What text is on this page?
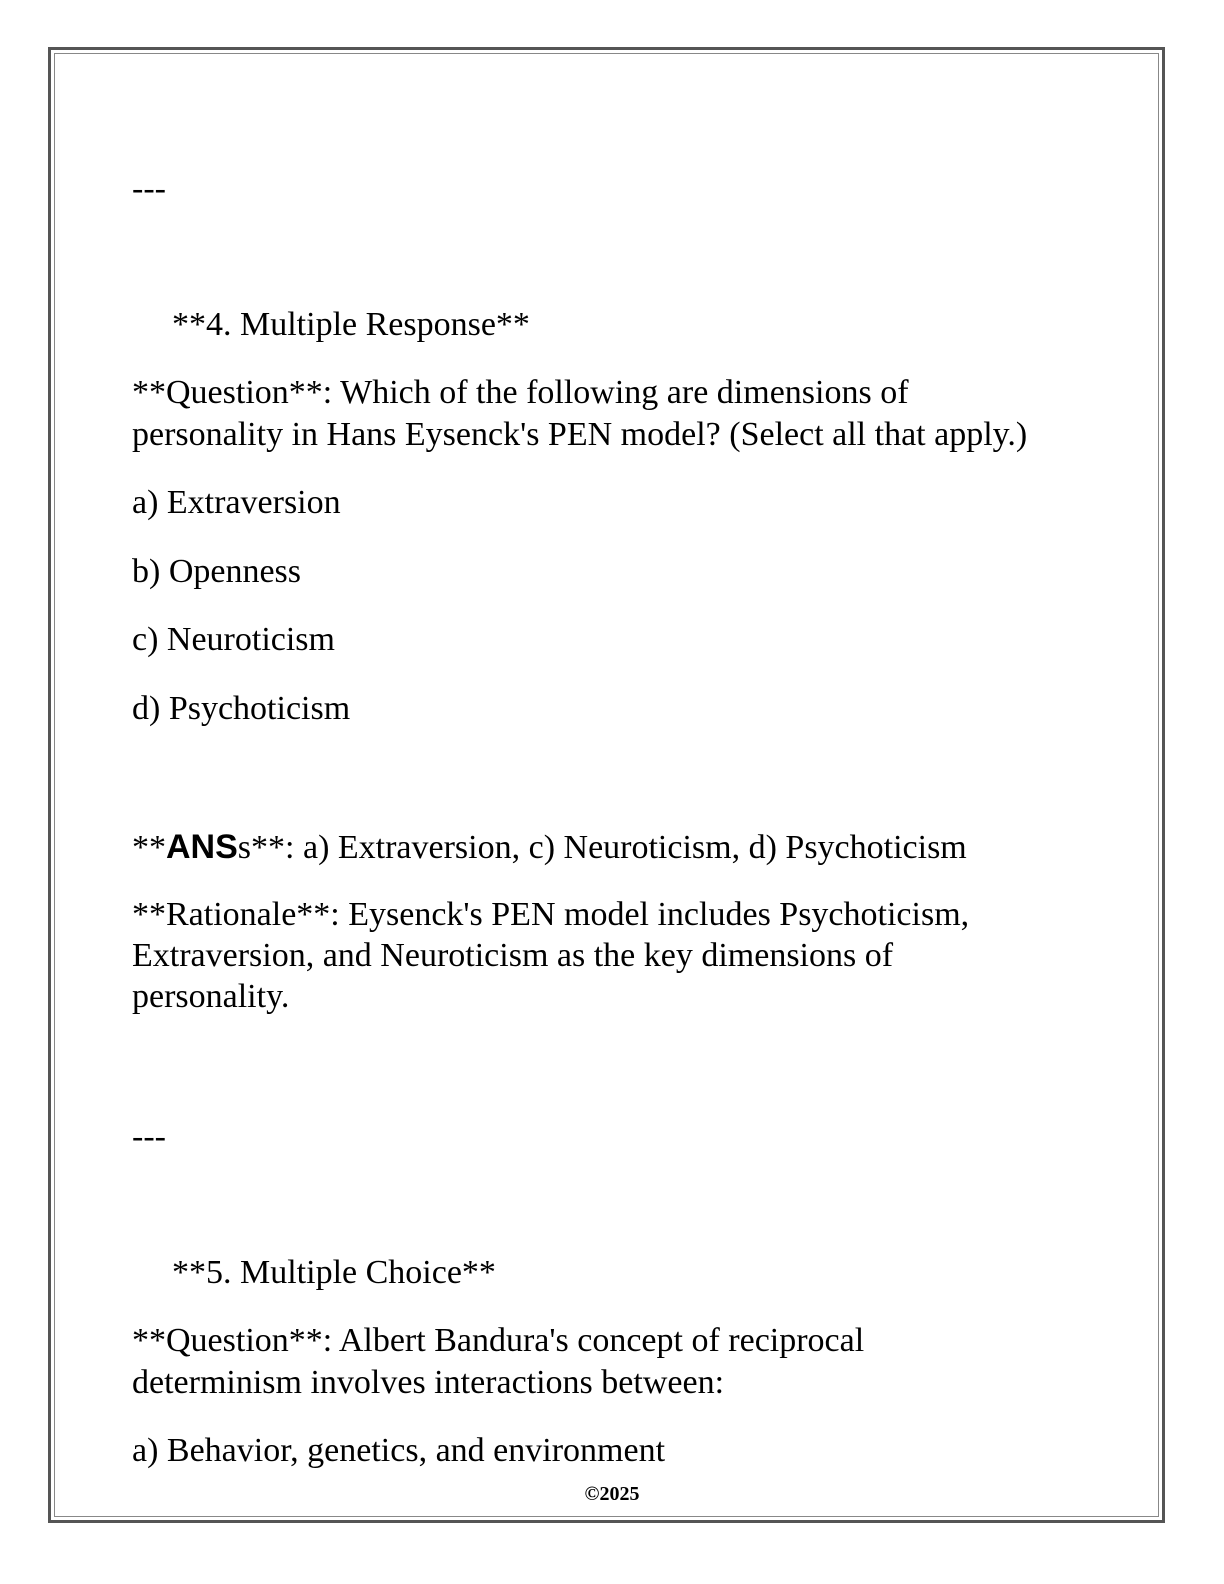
---
**4. Multiple Response**
**Question**: Which of the following are dimensions of
personality in Hans Eysenck's PEN model? (Select all that apply.)
a) Extraversion
b) Openness
c) Neuroticism
d) Psychoticism
**ANSs**: a) Extraversion, c) Neuroticism, d) Psychoticism
**Rationale**: Eysenck's PEN model includes Psychoticism,
Extraversion, and Neuroticism as the key dimensions of
personality.
---
**5. Multiple Choice**
**Question**: Albert Bandura's concept of reciprocal
determinism involves interactions between:
a) Behavior, genetics, and environment
©2025
